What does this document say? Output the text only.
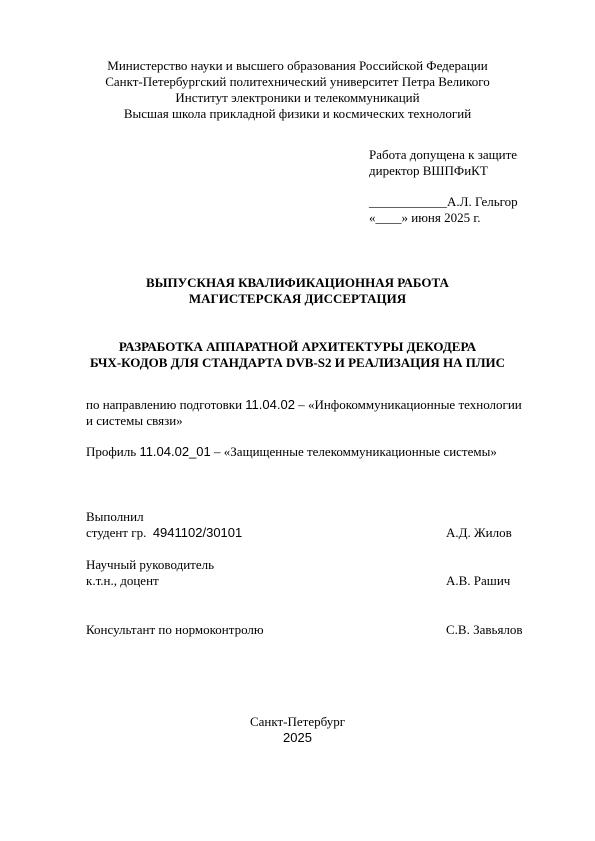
Министерство науки и высшего образования Российской Федерации
Санкт-Петербургский политехнический университет Петра Великого
Институт электроники и телекоммуникаций
Высшая школа прикладной физики и космических технологий
Работа допущена к защите
директор ВШПФиКТ
____________А.Л. Гельгор
«____» июня 2025 г.
ВЫПУСКНАЯ КВАЛИФИКАЦИОННАЯ РАБОТА
МАГИСТЕРСКАЯ ДИССЕРТАЦИЯ
РАЗРАБОТКА АППАРАТНОЙ АРХИТЕКТУРЫ ДЕКОДЕРА
БЧХ-КОДОВ ДЛЯ СТАНДАРТА DVB-S2 И РЕАЛИЗАЦИЯ НА ПЛИС
по направлению подготовки 11.04.02 – «Инфокоммуникационные технологии
и системы связи»
Профиль 11.04.02_01 – «Защищенные телекоммуникационные системы»
Выполнил
студент гр.  4941102/30101	А.Д. Жилов
Научный руководитель
к.т.н., доцент	А.В. Рашич
Консультант по нормоконтролю	С.В. Завьялов
Санкт-Петербург
2025
